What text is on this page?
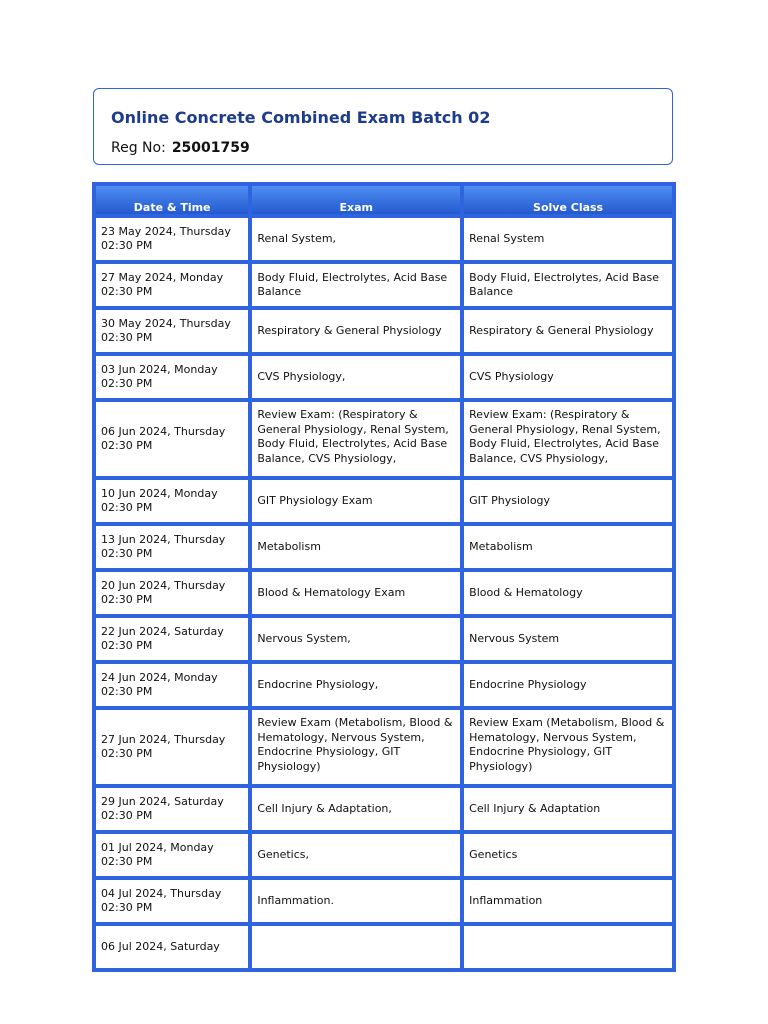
Online Concrete Combined Exam Batch 02
Reg No: 25001759
Date & Time	Exam	Solve Class

23 May 2024, Thursday
02:30 PM	Renal System,	Renal System

27 May 2024, Monday
02:30 PM	Body Fluid, Electrolytes, Acid Base Balance	Body Fluid, Electrolytes, Acid Base Balance

30 May 2024, Thursday
02:30 PM	Respiratory & General Physiology	Respiratory & General Physiology

03 Jun 2024, Monday
02:30 PM	CVS Physiology,	CVS Physiology

06 Jun 2024, Thursday
02:30 PM	Review Exam: (Respiratory & General Physiology, Renal System, Body Fluid, Electrolytes, Acid Base Balance, CVS Physiology,	Review Exam: (Respiratory & General Physiology, Renal System, Body Fluid, Electrolytes, Acid Base Balance, CVS Physiology,

10 Jun 2024, Monday
02:30 PM	GIT Physiology Exam	GIT Physiology

13 Jun 2024, Thursday
02:30 PM	Metabolism	Metabolism

20 Jun 2024, Thursday
02:30 PM	Blood & Hematology Exam	Blood & Hematology

22 Jun 2024, Saturday
02:30 PM	Nervous System,	Nervous System

24 Jun 2024, Monday
02:30 PM	Endocrine Physiology,	Endocrine Physiology

27 Jun 2024, Thursday
02:30 PM	Review Exam (Metabolism, Blood & Hematology, Nervous System, Endocrine Physiology, GIT Physiology)	Review Exam (Metabolism, Blood & Hematology, Nervous System, Endocrine Physiology, GIT Physiology)

29 Jun 2024, Saturday
02:30 PM	Cell Injury & Adaptation,	Cell Injury & Adaptation

01 Jul 2024, Monday
02:30 PM	Genetics,	Genetics

04 Jul 2024, Thursday
02:30 PM	Inflammation.	Inflammation

06 Jul 2024, Saturday		
